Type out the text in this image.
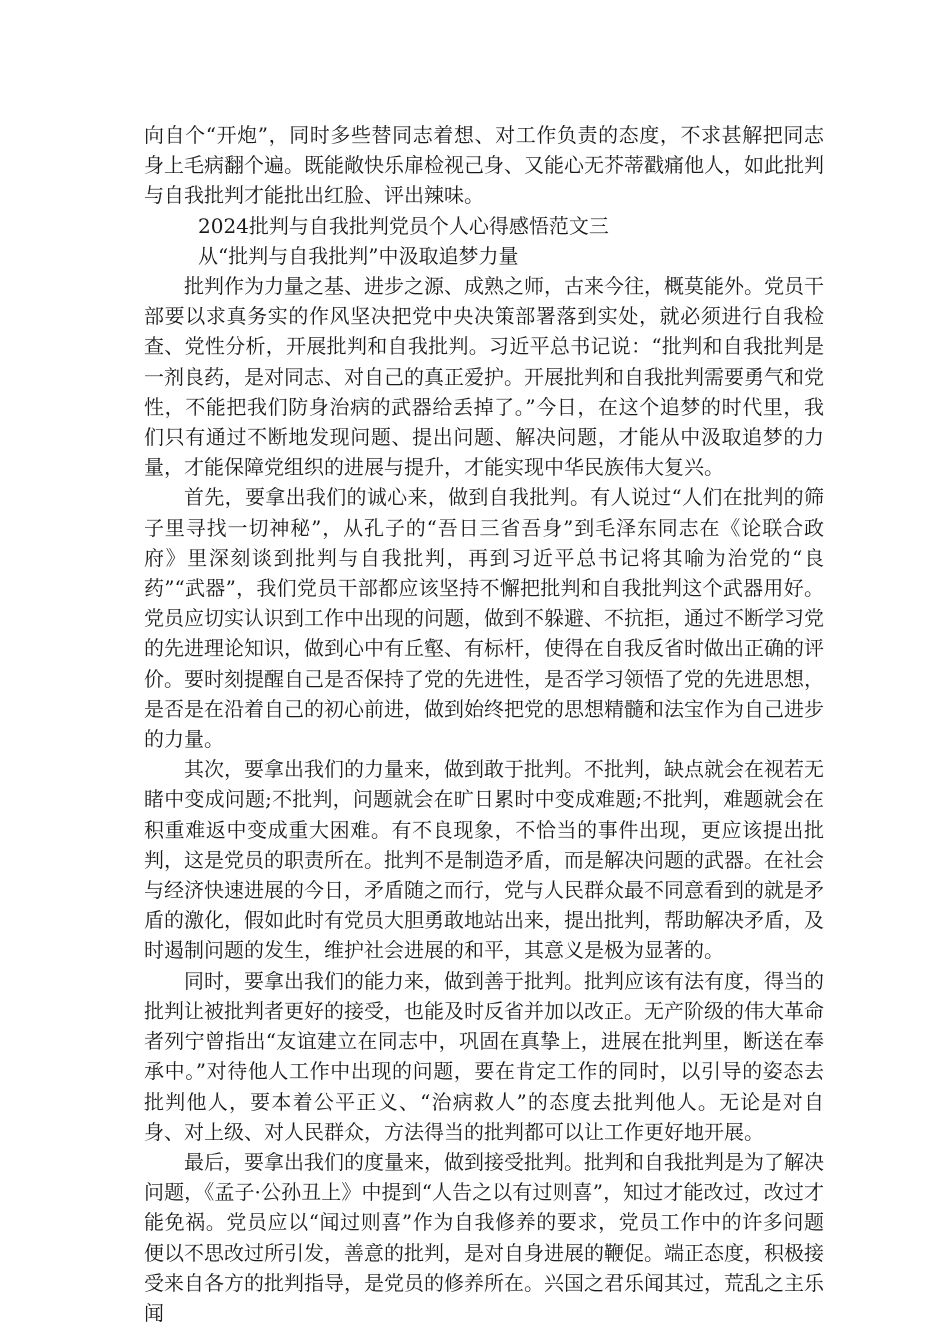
向自个“开炮”，同时多些替同志着想、对工作负责的态度，不求甚解把同志身上毛病翻个遍。既能敞快乐扉检视己身、又能心无芥蒂戳痛他人，如此批判与自我批判才能批出红脸、评出辣味。

2024批判与自我批判党员个人心得感悟范文三

从“批判与自我批判”中汲取追梦力量

批判作为力量之基、进步之源、成熟之师，古来今往，概莫能外。党员干部要以求真务实的作风坚决把党中央决策部署落到实处，就必须进行自我检查、党性分析，开展批判和自我批判。习近平总书记说：“批判和自我批判是一剂良药，是对同志、对自己的真正爱护。开展批判和自我批判需要勇气和党性，不能把我们防身治病的武器给丢掉了。”今日，在这个追梦的时代里，我们只有通过不断地发现问题、提出问题、解决问题，才能从中汲取追梦的力量，才能保障党组织的进展与提升，才能实现中华民族伟大复兴。

首先，要拿出我们的诚心来，做到自我批判。有人说过“人们在批判的筛子里寻找一切神秘”，从孔子的“吾日三省吾身”到毛泽东同志在《论联合政府》里深刻谈到批判与自我批判，再到习近平总书记将其喻为治党的“良药”“武器”，我们党员干部都应该坚持不懈把批判和自我批判这个武器用好。党员应切实认识到工作中出现的问题，做到不躲避、不抗拒，通过不断学习党的先进理论知识，做到心中有丘壑、有标杆，使得在自我反省时做出正确的评价。要时刻提醒自己是否保持了党的先进性，是否学习领悟了党的先进思想，是否是在沿着自己的初心前进，做到始终把党的思想精髓和法宝作为自己进步的力量。

其次，要拿出我们的力量来，做到敢于批判。不批判，缺点就会在视若无睹中变成问题;不批判，问题就会在旷日累时中变成难题;不批判，难题就会在积重难返中变成重大困难。有不良现象，不恰当的事件出现，更应该提出批判，这是党员的职责所在。批判不是制造矛盾，而是解决问题的武器。在社会与经济快速进展的今日，矛盾随之而行，党与人民群众最不同意看到的就是矛盾的激化，假如此时有党员大胆勇敢地站出来，提出批判，帮助解决矛盾，及时遏制问题的发生，维护社会进展的和平，其意义是极为显著的。

同时，要拿出我们的能力来，做到善于批判。批判应该有法有度，得当的批判让被批判者更好的接受，也能及时反省并加以改正。无产阶级的伟大革命者列宁曾指出“友谊建立在同志中，巩固在真挚上，进展在批判里，断送在奉承中。”对待他人工作中出现的问题，要在肯定工作的同时，以引导的姿态去批判他人，要本着公平正义、“治病救人”的态度去批判他人。无论是对自身、对上级、对人民群众，方法得当的批判都可以让工作更好地开展。

最后，要拿出我们的度量来，做到接受批判。批判和自我批判是为了解决问题，《孟子·公孙丑上》中提到“人告之以有过则喜”，知过才能改过，改过才能免祸。党员应以“闻过则喜”作为自我修养的要求，党员工作中的许多问题便以不思改过所引发，善意的批判，是对自身进展的鞭促。端正态度，积极接受来自各方的批判指导，是党员的修养所在。兴国之君乐闻其过，荒乱之主乐闻
